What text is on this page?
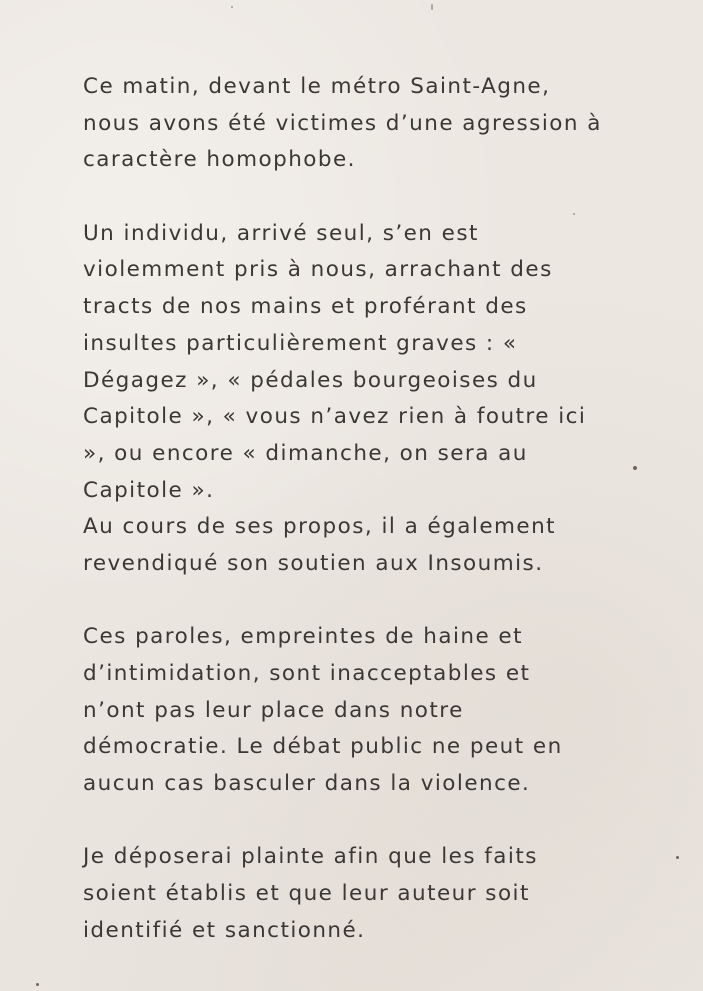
Ce matin, devant le métro Saint-Agne,
nous avons été victimes d’une agression à
caractère homophobe.
Un individu, arrivé seul, s’en est
violemment pris à nous, arrachant des
tracts de nos mains et proférant des
insultes particulièrement graves : «
Dégagez », « pédales bourgeoises du
Capitole », « vous n’avez rien à foutre ici
», ou encore « dimanche, on sera au
Capitole ».
Au cours de ses propos, il a également
revendiqué son soutien aux Insoumis.
Ces paroles, empreintes de haine et
d’intimidation, sont inacceptables et
n’ont pas leur place dans notre
démocratie. Le débat public ne peut en
aucun cas basculer dans la violence.
Je déposerai plainte afin que les faits
soient établis et que leur auteur soit
identifié et sanctionné.
